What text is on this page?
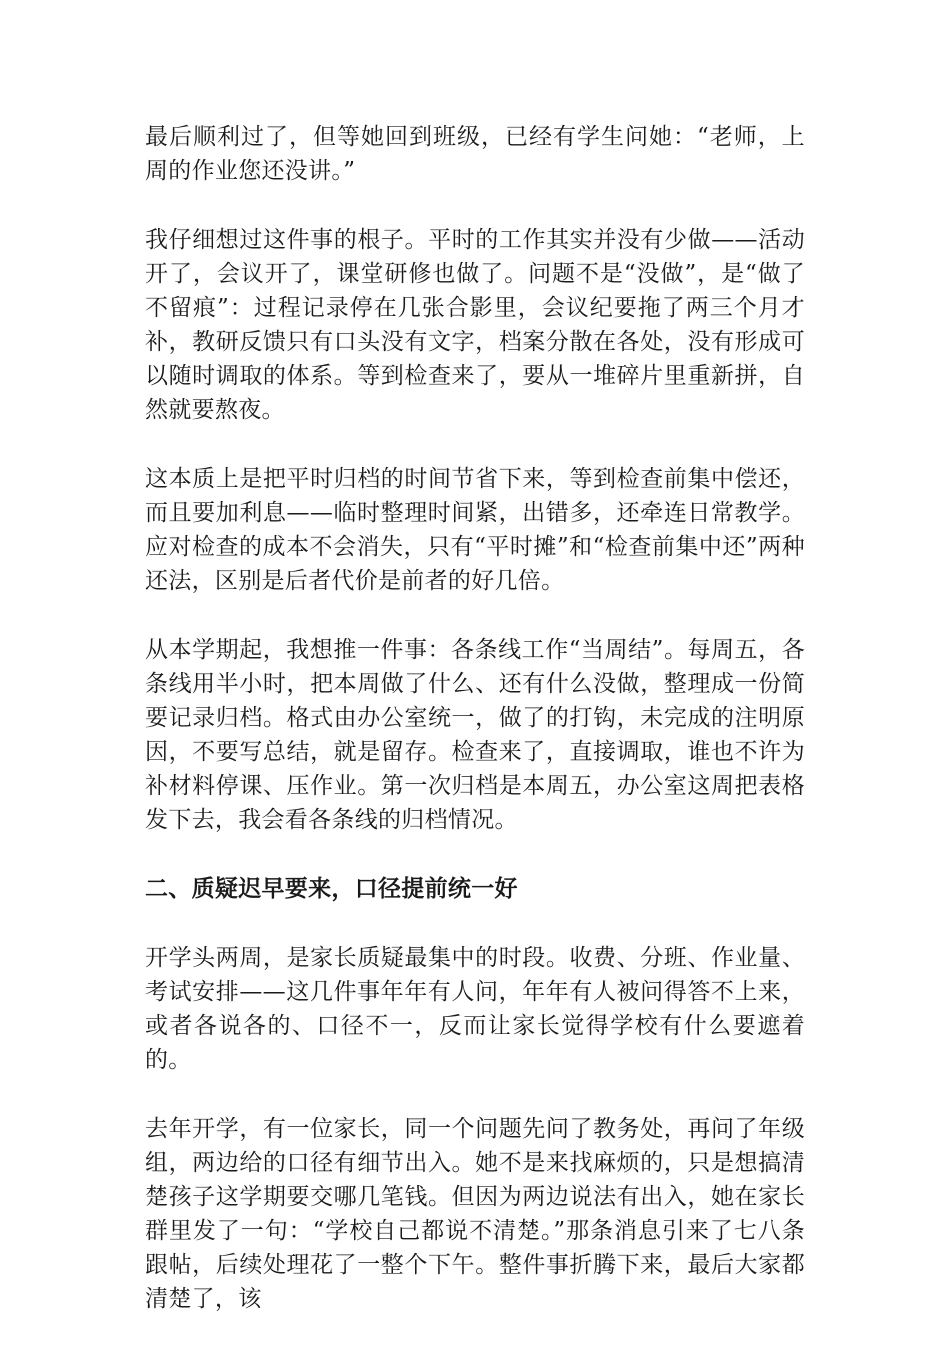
最后顺利过了，但等她回到班级，已经有学生问她：“老师，上周的作业您还没讲。”

我仔细想过这件事的根子。平时的工作其实并没有少做——活动开了，会议开了，课堂研修也做了。问题不是“没做”，是“做了不留痕”：过程记录停在几张合影里，会议纪要拖了两三个月才补，教研反馈只有口头没有文字，档案分散在各处，没有形成可以随时调取的体系。等到检查来了，要从一堆碎片里重新拼，自然就要熬夜。

这本质上是把平时归档的时间节省下来，等到检查前集中偿还，而且要加利息——临时整理时间紧，出错多，还牵连日常教学。应对检查的成本不会消失，只有“平时摊”和“检查前集中还”两种还法，区别是后者代价是前者的好几倍。

从本学期起，我想推一件事：各条线工作“当周结”。每周五，各条线用半小时，把本周做了什么、还有什么没做，整理成一份简要记录归档。格式由办公室统一，做了的打钩，未完成的注明原因，不要写总结，就是留存。检查来了，直接调取，谁也不许为补材料停课、压作业。第一次归档是本周五，办公室这周把表格发下去，我会看各条线的归档情况。

二、质疑迟早要来，口径提前统一好

开学头两周，是家长质疑最集中的时段。收费、分班、作业量、考试安排——这几件事年年有人问，年年有人被问得答不上来，或者各说各的、口径不一，反而让家长觉得学校有什么要遮着的。

去年开学，有一位家长，同一个问题先问了教务处，再问了年级组，两边给的口径有细节出入。她不是来找麻烦的，只是想搞清楚孩子这学期要交哪几笔钱。但因为两边说法有出入，她在家长群里发了一句：“学校自己都说不清楚。”那条消息引来了七八条跟帖，后续处理花了一整个下午。整件事折腾下来，最后大家都清楚了，该
